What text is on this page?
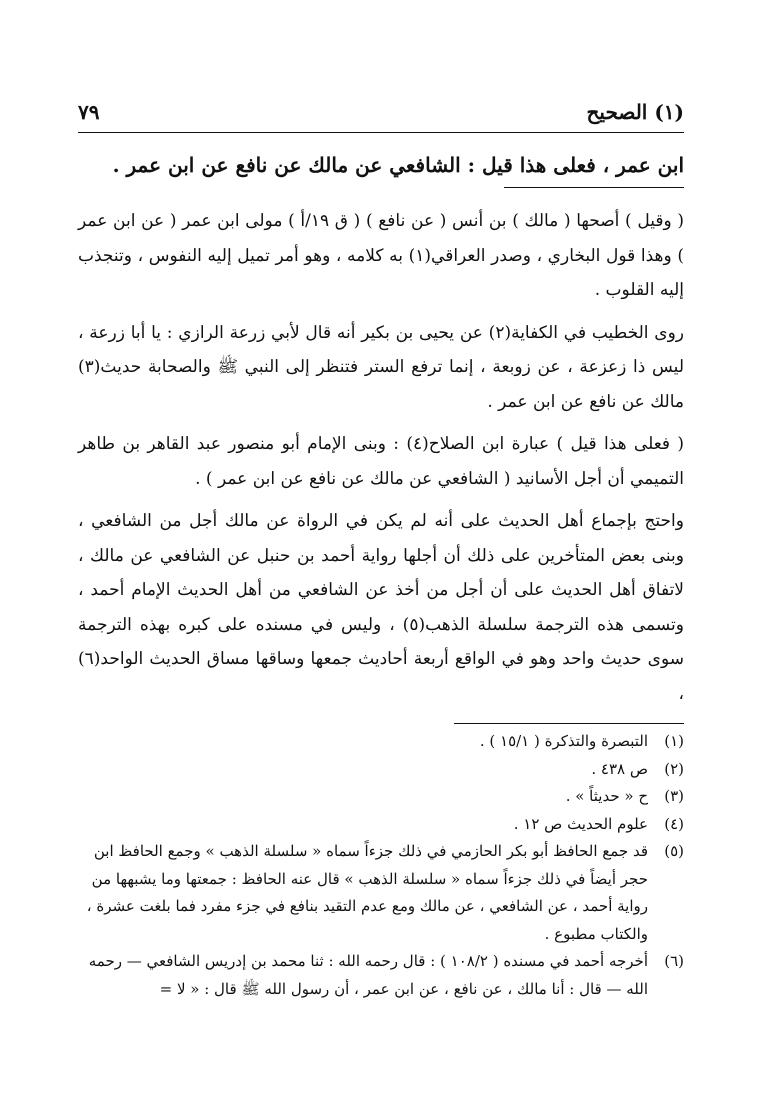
(١) الصحيح
٧٩
ابن عمر ، فعلى هذا قيل : الشافعي عن مالك عن نافع عن ابن عمر .

( وقيل ) أصحها ( مالك ) بن أنس ( عن نافع ) ( ق ١٩/أ ) مولى ابن عمر ( عن ابن عمر ) وهذا قول البخاري ، وصدر العراقي(١) به كلامه ، وهو أمر تميل إليه النفوس ، وتنجذب إليه القلوب .

روى الخطيب في الكفاية(٢) عن يحيى بن بكير أنه قال لأبي زرعة الرازي : يا أبا زرعة ، ليس ذا زعزعة ، عن زوبعة ، إنما ترفع الستر فتنظر إلى النبي ﷺ والصحابة حديث(٣) مالك عن نافع عن ابن عمر .

( فعلى هذا قيل ) عبارة ابن الصلاح(٤) : وبنى الإمام أبو منصور عبد القاهر بن طاهر التميمي أن أجل الأسانيد ( الشافعي عن مالك عن نافع عن ابن عمر ) .

واحتج بإجماع أهل الحديث على أنه لم يكن في الرواة عن مالك أجل من الشافعي ، وبنى بعض المتأخرين على ذلك أن أجلها رواية أحمد بن حنبل عن الشافعي عن مالك ، لاتفاق أهل الحديث على أن أجل من أخذ عن الشافعي من أهل الحديث الإمام أحمد ، وتسمى هذه الترجمة سلسلة الذهب(٥) ، وليس في مسنده على كبره بهذه الترجمة سوى حديث واحد وهو في الواقع أربعة أحاديث جمعها وساقها مساق الحديث الواحد(٦) ،

(١)
التبصرة والتذكرة ( ١٥/١ ) .
(٢)
ص ٤٣٨ .
(٣)
ح « حديثاً » .
(٤)
علوم الحديث ص ١٢ .
(٥)
قد جمع الحافظ أبو بكر الحازمي في ذلك جزءاً سماه « سلسلة الذهب » وجمع الحافظ ابن حجر أيضاً في ذلك جزءاً سماه « سلسلة الذهب » قال عنه الحافظ : جمعتها وما يشبهها من رواية أحمد ، عن الشافعي ، عن مالك ومع عدم التقيد بنافع في جزء مفرد فما بلغت عشرة ، والكتاب مطبوع .
(٦)
أخرجه أحمد في مسنده ( ١٠٨/٢ ) : قال رحمه الله : ثنا محمد بن إدريس الشافعي — رحمه الله — قال : أنا مالك ، عن نافع ، عن ابن عمر ، أن رسول الله ﷺ قال : « لا =
